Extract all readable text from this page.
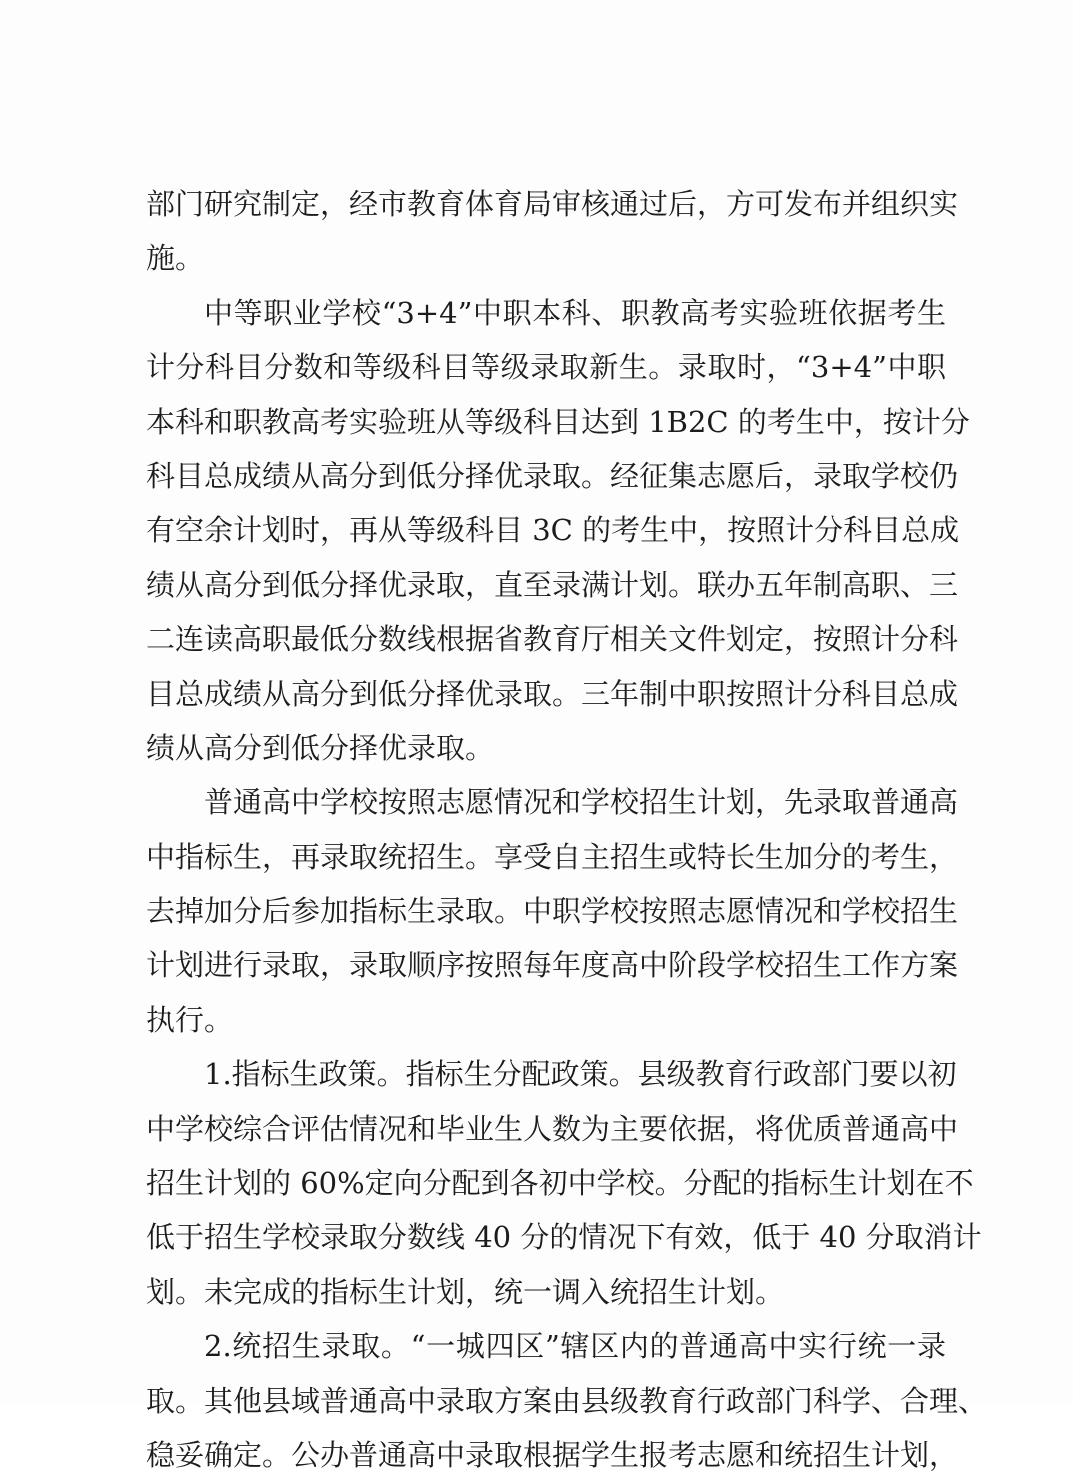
部门研究制定，经市教育体育局审核通过后，方可发布并组织实
施。
中等职业学校“3+4”中职本科、职教高考实验班依据考生
计分科目分数和等级科目等级录取新生。录取时，“3+4”中职
本科和职教高考实验班从等级科目达到 1B2C 的考生中，按计分
科目总成绩从高分到低分择优录取。经征集志愿后，录取学校仍
有空余计划时，再从等级科目 3C 的考生中，按照计分科目总成
绩从高分到低分择优录取，直至录满计划。联办五年制高职、三
二连读高职最低分数线根据省教育厅相关文件划定，按照计分科
目总成绩从高分到低分择优录取。三年制中职按照计分科目总成
绩从高分到低分择优录取。
普通高中学校按照志愿情况和学校招生计划，先录取普通高
中指标生，再录取统招生。享受自主招生或特长生加分的考生，
去掉加分后参加指标生录取。中职学校按照志愿情况和学校招生
计划进行录取，录取顺序按照每年度高中阶段学校招生工作方案
执行。
1.指标生政策。指标生分配政策。县级教育行政部门要以初
中学校综合评估情况和毕业生人数为主要依据，将优质普通高中
招生计划的 60%定向分配到各初中学校。分配的指标生计划在不
低于招生学校录取分数线 40 分的情况下有效，低于 40 分取消计
划。未完成的指标生计划，统一调入统招生计划。
2.统招生录取。“一城四区”辖区内的普通高中实行统一录
取。其他县域普通高中录取方案由县级教育行政部门科学、合理、
稳妥确定。公办普通高中录取根据学生报考志愿和统招生计划，
